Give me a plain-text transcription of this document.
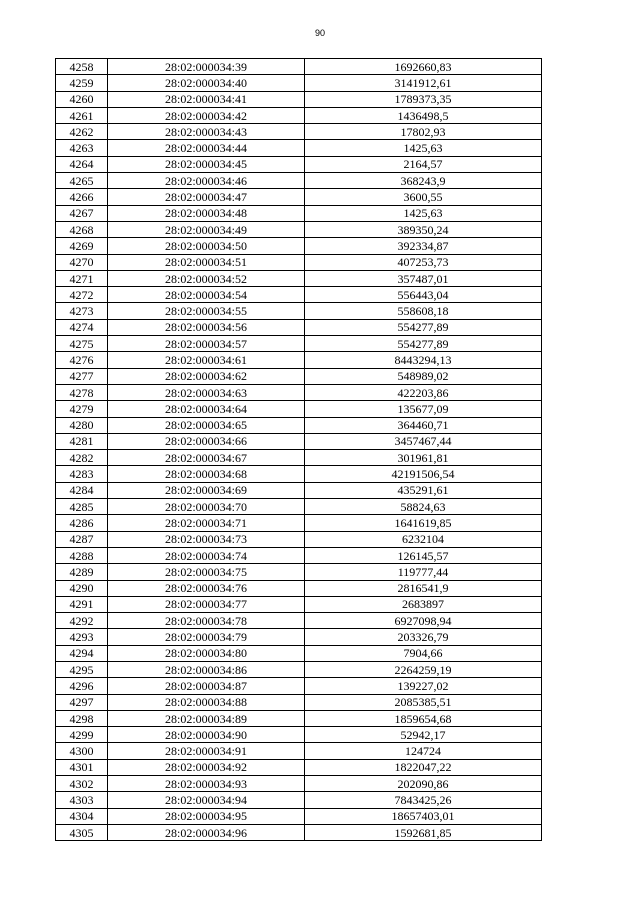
90
4258	28:02:000034:39	1692660,83
4259	28:02:000034:40	3141912,61
4260	28:02:000034:41	1789373,35
4261	28:02:000034:42	1436498,5
4262	28:02:000034:43	17802,93
4263	28:02:000034:44	1425,63
4264	28:02:000034:45	2164,57
4265	28:02:000034:46	368243,9
4266	28:02:000034:47	3600,55
4267	28:02:000034:48	1425,63
4268	28:02:000034:49	389350,24
4269	28:02:000034:50	392334,87
4270	28:02:000034:51	407253,73
4271	28:02:000034:52	357487,01
4272	28:02:000034:54	556443,04
4273	28:02:000034:55	558608,18
4274	28:02:000034:56	554277,89
4275	28:02:000034:57	554277,89
4276	28:02:000034:61	8443294,13
4277	28:02:000034:62	548989,02
4278	28:02:000034:63	422203,86
4279	28:02:000034:64	135677,09
4280	28:02:000034:65	364460,71
4281	28:02:000034:66	3457467,44
4282	28:02:000034:67	301961,81
4283	28:02:000034:68	42191506,54
4284	28:02:000034:69	435291,61
4285	28:02:000034:70	58824,63
4286	28:02:000034:71	1641619,85
4287	28:02:000034:73	6232104
4288	28:02:000034:74	126145,57
4289	28:02:000034:75	119777,44
4290	28:02:000034:76	2816541,9
4291	28:02:000034:77	2683897
4292	28:02:000034:78	6927098,94
4293	28:02:000034:79	203326,79
4294	28:02:000034:80	7904,66
4295	28:02:000034:86	2264259,19
4296	28:02:000034:87	139227,02
4297	28:02:000034:88	2085385,51
4298	28:02:000034:89	1859654,68
4299	28:02:000034:90	52942,17
4300	28:02:000034:91	124724
4301	28:02:000034:92	1822047,22
4302	28:02:000034:93	202090,86
4303	28:02:000034:94	7843425,26
4304	28:02:000034:95	18657403,01
4305	28:02:000034:96	1592681,85
